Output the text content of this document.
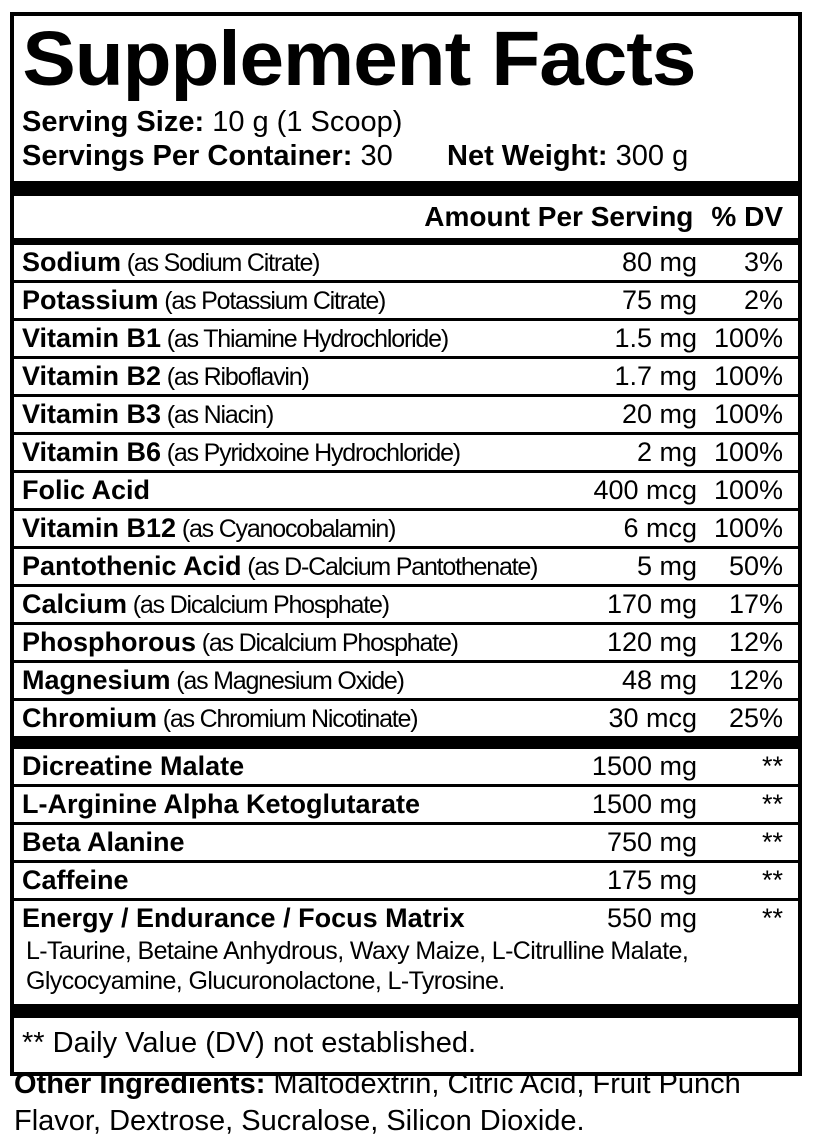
Supplement Facts
Serving Size: 10 g (1 Scoop)
Servings Per Container: 30 Net Weight: 300 g
Amount Per Serving % DV
Sodium (as Sodium Citrate)	80 mg	3%
Potassium (as Potassium Citrate)	75 mg	2%
Vitamin B1 (as Thiamine Hydrochloride)	1.5 mg 100%
Vitamin B2 (as Riboflavin)	1.7 mg 100%
Vitamin B3 (as Niacin)	20 mg 100%
Vitamin B6 (as Pyridxoine Hydrochloride)	2 mg 100%
Folic Acid	400 mcg 100%
Vitamin B12 (as Cyanocobalamin)	6 mcg 100%
Pantothenic Acid (as D-Calcium Pantothenate)	5 mg	50%
Calcium (as Dicalcium Phosphate)	170 mg	17%
Phosphorous (as Dicalcium Phosphate)	120 mg	12%
Magnesium (as Magnesium Oxide)	48 mg	12%
Chromium (as Chromium Nicotinate)	30 mcg	25%
Dicreatine Malate	1500 mg	**
L-Arginine Alpha Ketoglutarate	1500 mg	**
Beta Alanine	750 mg	**
Caffeine	175 mg	**
Energy / Endurance / Focus Matrix	550 mg	**
L-Taurine, Betaine Anhydrous, Waxy Maize, L-Citrulline Malate, Glycocyamine, Glucuronolactone, L-Tyrosine.
** Daily Value (DV) not established.
Other Ingredients: Maltodextrin, Citric Acid, Fruit Punch Flavor, Dextrose, Sucralose, Silicon Dioxide.
